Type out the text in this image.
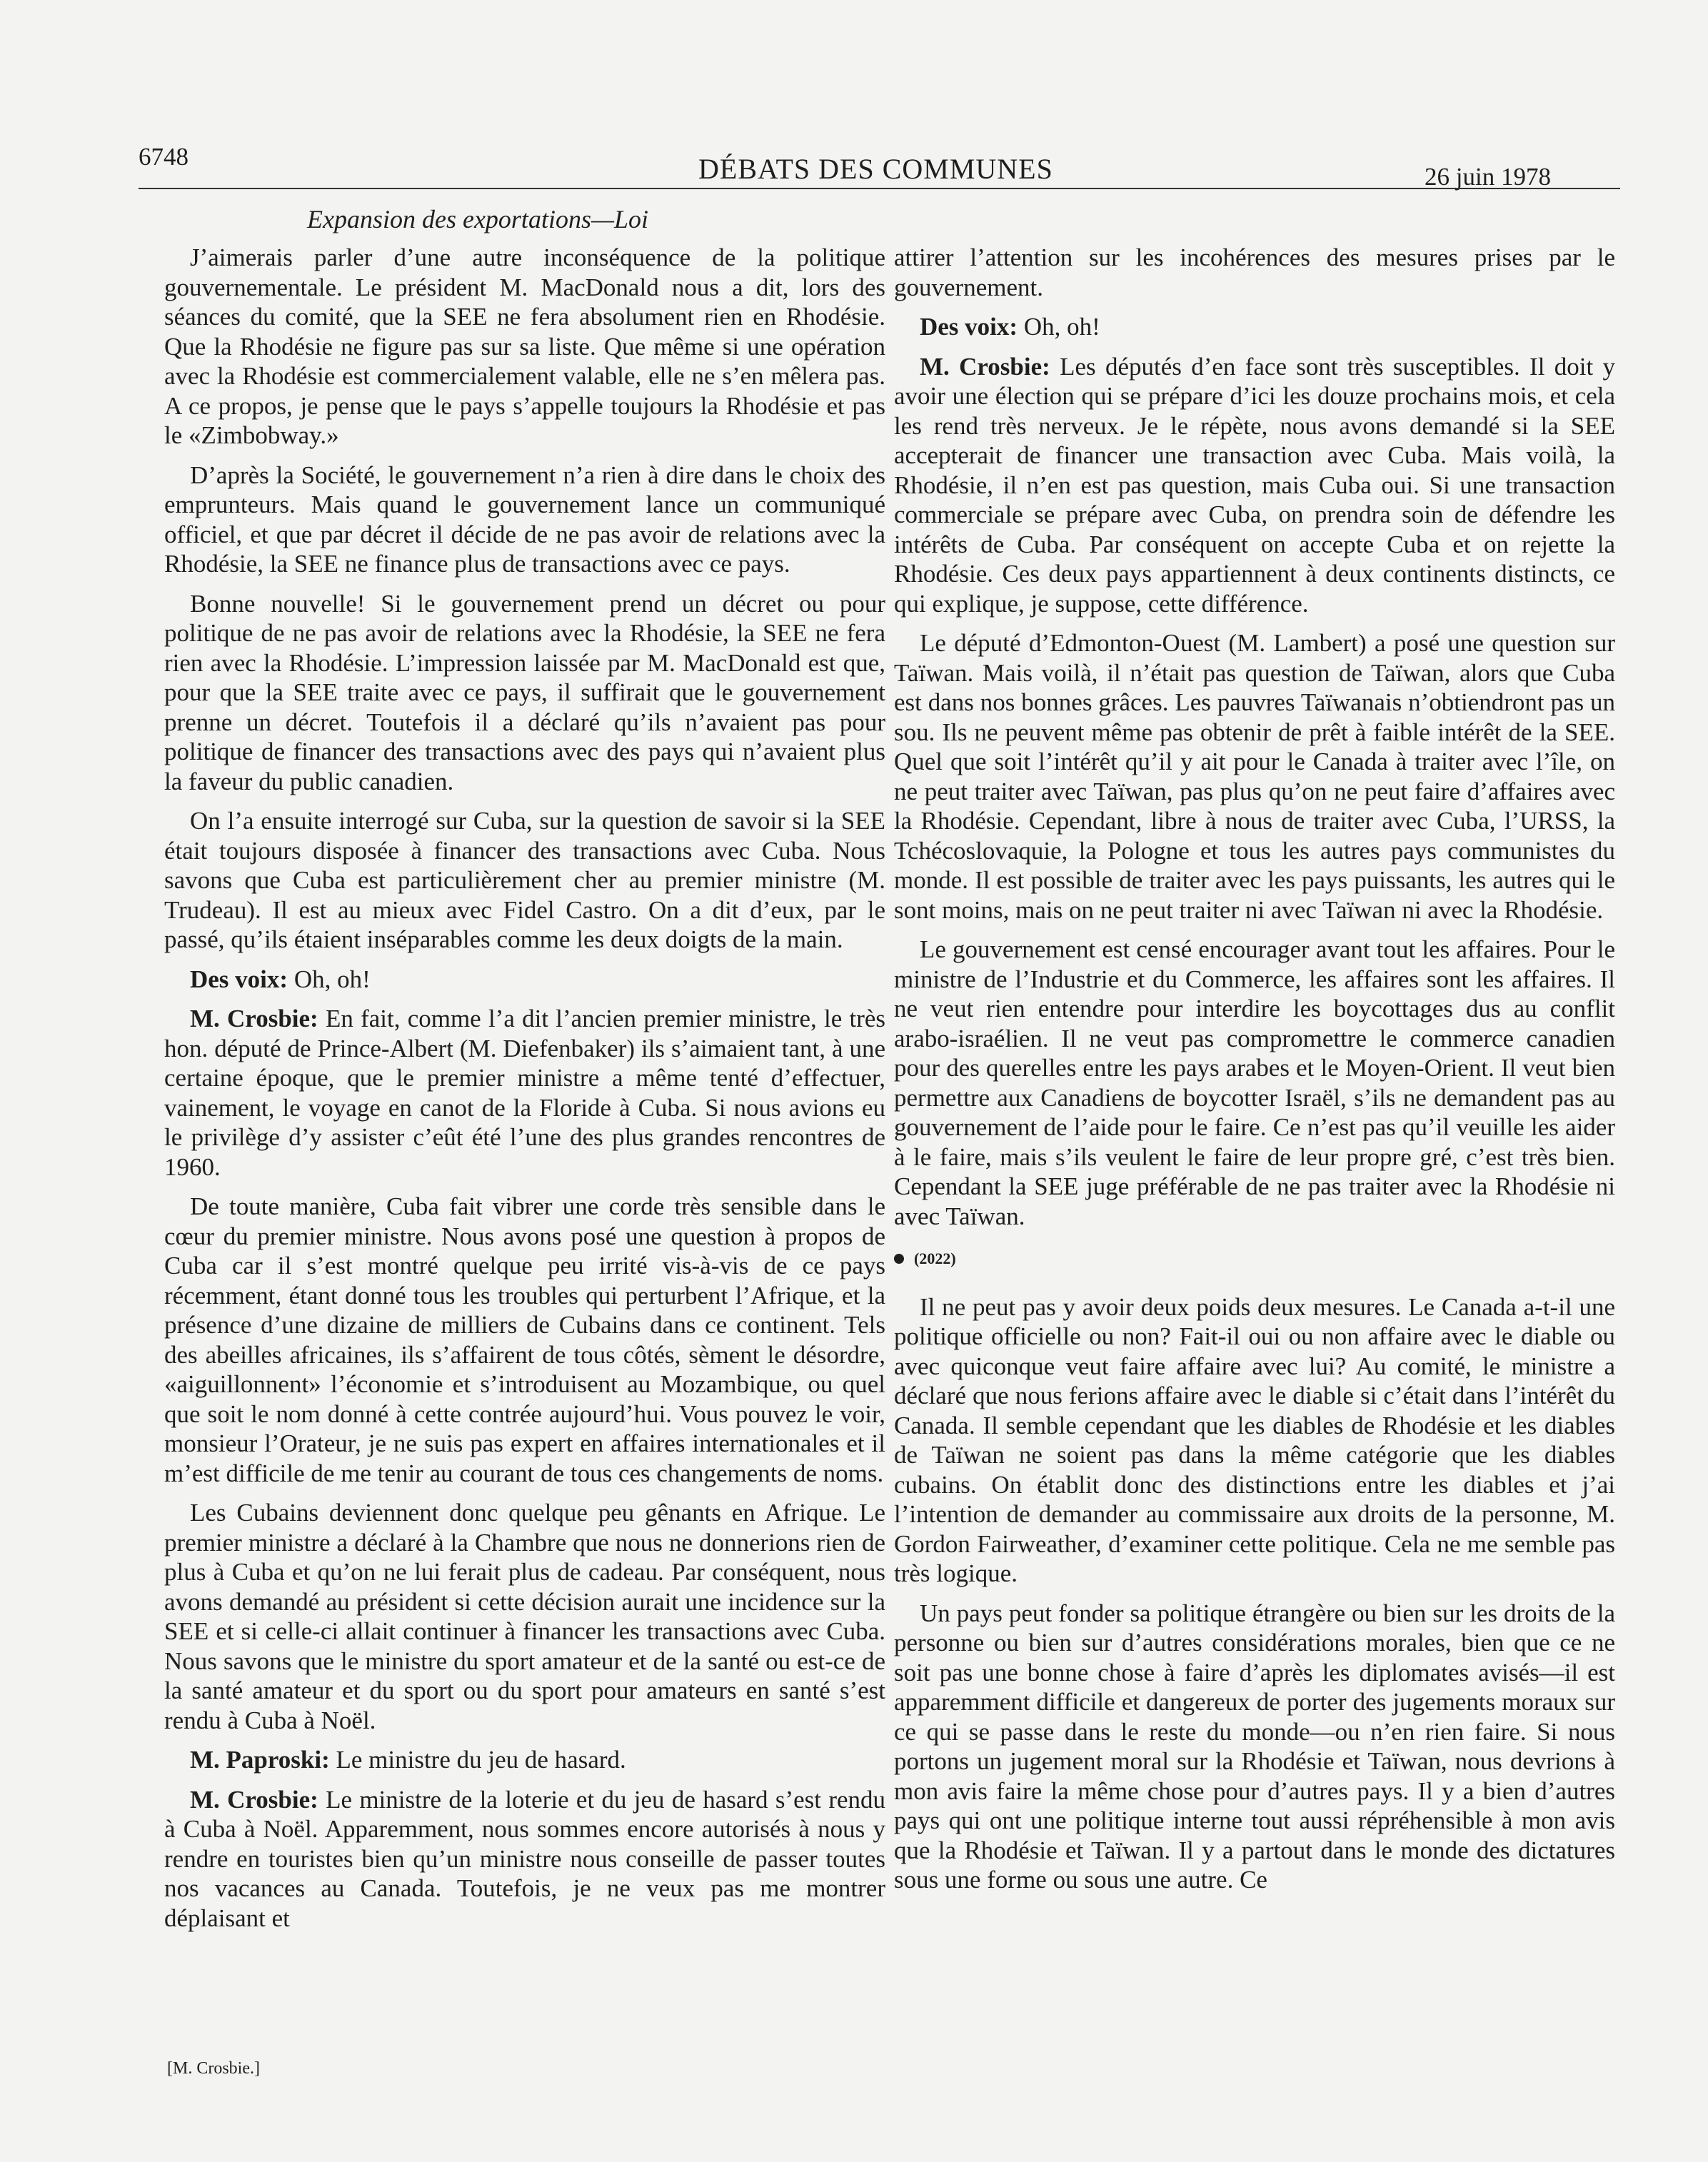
6748	DÉBATS DES COMMUNES	26 juin 1978
Expansion des exportations—Loi

J’aimerais parler d’une autre inconséquence de la politique gouvernementale. Le président M. MacDonald nous a dit, lors des séances du comité, que la SEE ne fera absolument rien en Rhodésie. Que la Rhodésie ne figure pas sur sa liste. Que même si une opération avec la Rhodésie est commercialement valable, elle ne s’en mêlera pas. A ce propos, je pense que le pays s’appelle toujours la Rhodésie et pas le «Zimbobway.»

D’après la Société, le gouvernement n’a rien à dire dans le choix des emprunteurs. Mais quand le gouvernement lance un communiqué officiel, et que par décret il décide de ne pas avoir de relations avec la Rhodésie, la SEE ne finance plus de transactions avec ce pays.

Bonne nouvelle! Si le gouvernement prend un décret ou pour politique de ne pas avoir de relations avec la Rhodésie, la SEE ne fera rien avec la Rhodésie. L’impression laissée par M. MacDonald est que, pour que la SEE traite avec ce pays, il suffirait que le gouvernement prenne un décret. Toutefois il a déclaré qu’ils n’avaient pas pour politique de financer des transactions avec des pays qui n’avaient plus la faveur du public canadien.

On l’a ensuite interrogé sur Cuba, sur la question de savoir si la SEE était toujours disposée à financer des transactions avec Cuba. Nous savons que Cuba est particulièrement cher au premier ministre (M. Trudeau). Il est au mieux avec Fidel Castro. On a dit d’eux, par le passé, qu’ils étaient inséparables comme les deux doigts de la main.

Des voix: Oh, oh!

M. Crosbie: En fait, comme l’a dit l’ancien premier ministre, le très hon. député de Prince-Albert (M. Diefenbaker) ils s’aimaient tant, à une certaine époque, que le premier ministre a même tenté d’effectuer, vainement, le voyage en canot de la Floride à Cuba. Si nous avions eu le privilège d’y assister c’eût été l’une des plus grandes rencontres de 1960.

De toute manière, Cuba fait vibrer une corde très sensible dans le cœur du premier ministre. Nous avons posé une question à propos de Cuba car il s’est montré quelque peu irrité vis-à-vis de ce pays récemment, étant donné tous les troubles qui perturbent l’Afrique, et la présence d’une dizaine de milliers de Cubains dans ce continent. Tels des abeilles africaines, ils s’affairent de tous côtés, sèment le désordre, «aiguillonnent» l’économie et s’introduisent au Mozambique, ou quel que soit le nom donné à cette contrée aujourd’hui. Vous pouvez le voir, monsieur l’Orateur, je ne suis pas expert en affaires internationales et il m’est difficile de me tenir au courant de tous ces changements de noms.

Les Cubains deviennent donc quelque peu gênants en Afrique. Le premier ministre a déclaré à la Chambre que nous ne donnerions rien de plus à Cuba et qu’on ne lui ferait plus de cadeau. Par conséquent, nous avons demandé au président si cette décision aurait une incidence sur la SEE et si celle-ci allait continuer à financer les transactions avec Cuba. Nous savons que le ministre du sport amateur et de la santé ou est-ce de la santé amateur et du sport ou du sport pour amateurs en santé s’est rendu à Cuba à Noël.

M. Paproski: Le ministre du jeu de hasard.

M. Crosbie: Le ministre de la loterie et du jeu de hasard s’est rendu à Cuba à Noël. Apparemment, nous sommes encore autorisés à nous y rendre en touristes bien qu’un ministre nous conseille de passer toutes nos vacances au Canada. Toutefois, je ne veux pas me montrer déplaisant et

attirer l’attention sur les incohérences des mesures prises par le gouvernement.

Des voix: Oh, oh!

M. Crosbie: Les députés d’en face sont très susceptibles. Il doit y avoir une élection qui se prépare d’ici les douze prochains mois, et cela les rend très nerveux. Je le répète, nous avons demandé si la SEE accepterait de financer une transaction avec Cuba. Mais voilà, la Rhodésie, il n’en est pas question, mais Cuba oui. Si une transaction commerciale se prépare avec Cuba, on prendra soin de défendre les intérêts de Cuba. Par conséquent on accepte Cuba et on rejette la Rhodésie. Ces deux pays appartiennent à deux continents distincts, ce qui explique, je suppose, cette différence.

Le député d’Edmonton-Ouest (M. Lambert) a posé une question sur Taïwan. Mais voilà, il n’était pas question de Taïwan, alors que Cuba est dans nos bonnes grâces. Les pauvres Taïwanais n’obtiendront pas un sou. Ils ne peuvent même pas obtenir de prêt à faible intérêt de la SEE. Quel que soit l’intérêt qu’il y ait pour le Canada à traiter avec l’île, on ne peut traiter avec Taïwan, pas plus qu’on ne peut faire d’affaires avec la Rhodésie. Cependant, libre à nous de traiter avec Cuba, l’URSS, la Tchécoslovaquie, la Pologne et tous les autres pays communistes du monde. Il est possible de traiter avec les pays puissants, les autres qui le sont moins, mais on ne peut traiter ni avec Taïwan ni avec la Rhodésie.

Le gouvernement est censé encourager avant tout les affaires. Pour le ministre de l’Industrie et du Commerce, les affaires sont les affaires. Il ne veut rien entendre pour interdire les boycottages dus au conflit arabo-israélien. Il ne veut pas compromettre le commerce canadien pour des querelles entre les pays arabes et le Moyen-Orient. Il veut bien permettre aux Canadiens de boycotter Israël, s’ils ne demandent pas au gouvernement de l’aide pour le faire. Ce n’est pas qu’il veuille les aider à le faire, mais s’ils veulent le faire de leur propre gré, c’est très bien. Cependant la SEE juge préférable de ne pas traiter avec la Rhodésie ni avec Taïwan.

(2022)

Il ne peut pas y avoir deux poids deux mesures. Le Canada a-t-il une politique officielle ou non? Fait-il oui ou non affaire avec le diable ou avec quiconque veut faire affaire avec lui? Au comité, le ministre a déclaré que nous ferions affaire avec le diable si c’était dans l’intérêt du Canada. Il semble cependant que les diables de Rhodésie et les diables de Taïwan ne soient pas dans la même catégorie que les diables cubains. On établit donc des distinctions entre les diables et j’ai l’intention de demander au commissaire aux droits de la personne, M. Gordon Fairweather, d’examiner cette politique. Cela ne me semble pas très logique.

Un pays peut fonder sa politique étrangère ou bien sur les droits de la personne ou bien sur d’autres considérations morales, bien que ce ne soit pas une bonne chose à faire d’après les diplomates avisés—il est apparemment difficile et dangereux de porter des jugements moraux sur ce qui se passe dans le reste du monde—ou n’en rien faire. Si nous portons un jugement moral sur la Rhodésie et Taïwan, nous devrions à mon avis faire la même chose pour d’autres pays. Il y a bien d’autres pays qui ont une politique interne tout aussi répréhensible à mon avis que la Rhodésie et Taïwan. Il y a partout dans le monde des dictatures sous une forme ou sous une autre. Ce

[M. Crosbie.]
